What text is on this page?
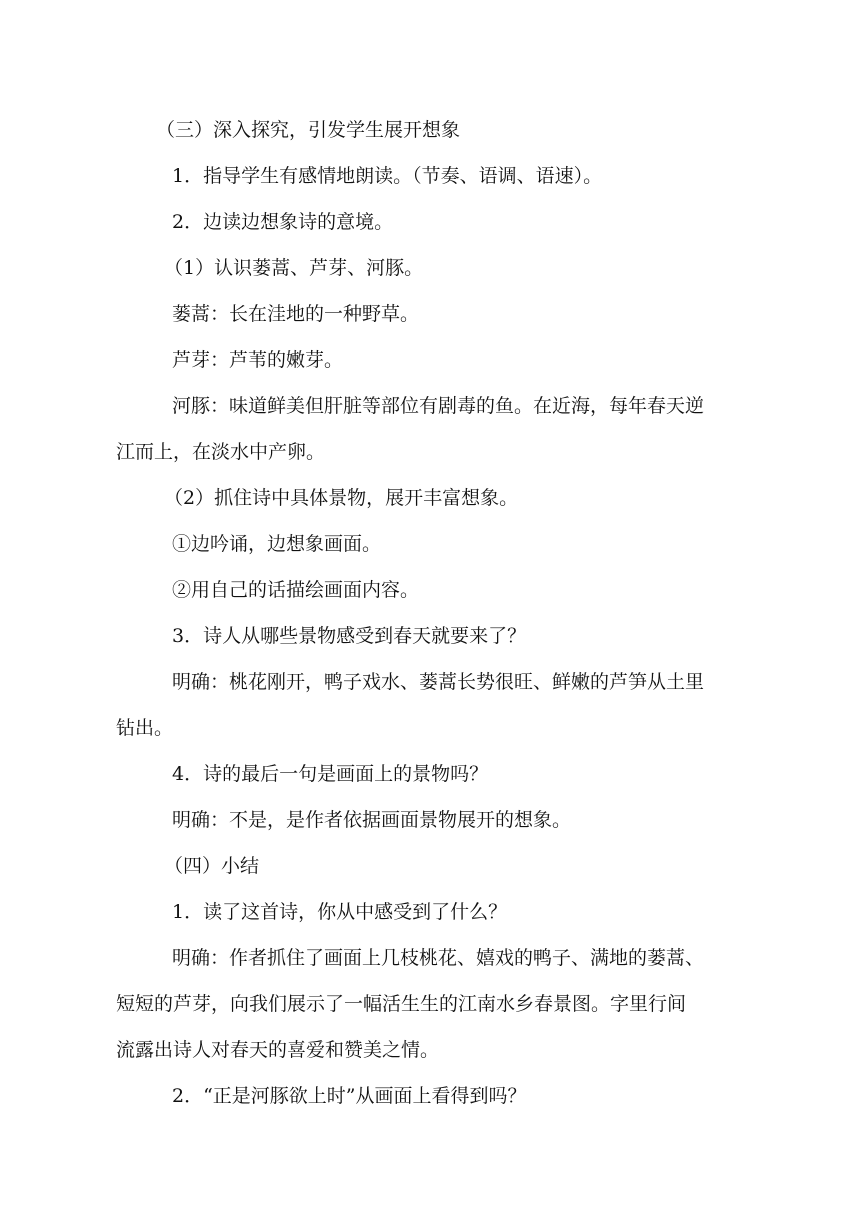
（三）深入探究，引发学生展开想象
1．指导学生有感情地朗读。（节奏、语调、语速）。
2．边读边想象诗的意境。
（1）认识蒌蒿、芦芽、河豚。
蒌蒿：长在洼地的一种野草。
芦芽：芦苇的嫩芽。
河豚：味道鲜美但肝脏等部位有剧毒的鱼。在近海，每年春天逆
江而上，在淡水中产卵。
（2）抓住诗中具体景物，展开丰富想象。
①边吟诵，边想象画面。
②用自己的话描绘画面内容。
3．诗人从哪些景物感受到春天就要来了？
明确：桃花刚开，鸭子戏水、蒌蒿长势很旺、鲜嫩的芦笋从土里
钻出。
4．诗的最后一句是画面上的景物吗？
明确：不是，是作者依据画面景物展开的想象。
（四）小结
1．读了这首诗，你从中感受到了什么？
明确：作者抓住了画面上几枝桃花、嬉戏的鸭子、满地的蒌蒿、
短短的芦芽，向我们展示了一幅活生生的江南水乡春景图。字里行间
流露出诗人对春天的喜爱和赞美之情。
2．“正是河豚欲上时”从画面上看得到吗？
